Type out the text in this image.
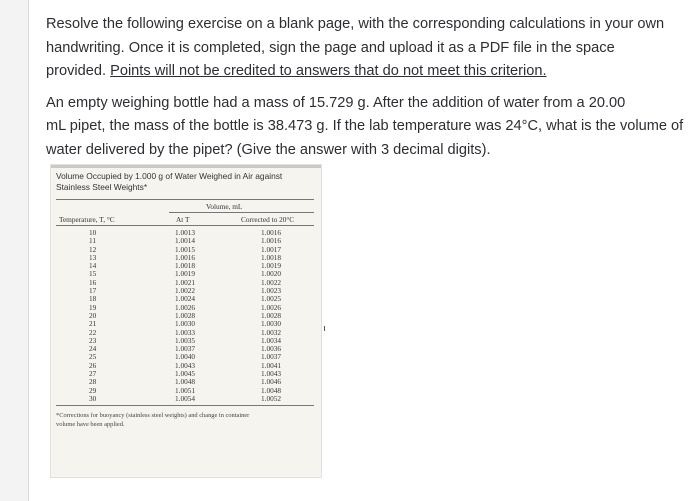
Resolve the following exercise on a blank page, with the corresponding calculations in your own

handwriting. Once it is completed, sign the page and upload it as a PDF file in the space

provided. Points will not be credited to answers that do not meet this criterion.

An empty weighing bottle had a mass of 15.729 g. After the addition of water from a 20.00

mL pipet, the mass of the bottle is 38.473 g. If the lab temperature was 24°C, what is the volume of

water delivered by the pipet? (Give the answer with 3 decimal digits).

Volume Occupied by 1.000 g of Water Weighed in Air against
Stainless Steel Weights*
Volume, mL
Temperature, T, °C	At T	Corrected to 20°C
10
11
12
13
14
15
16
17
18
19
20
21
22
23
24
25
26
27
28
29
30
1.0013
1.0014
1.0015
1.0016
1.0018
1.0019
1.0021
1.0022
1.0024
1.0026
1.0028
1.0030
1.0033
1.0035
1.0037
1.0040
1.0043
1.0045
1.0048
1.0051
1.0054
1.0016
1.0016
1.0017
1.0018
1.0019
1.0020
1.0022
1.0023
1.0025
1.0026
1.0028
1.0030
1.0032
1.0034
1.0036
1.0037
1.0041
1.0043
1.0046
1.0048
1.0052
*Corrections for buoyancy (stainless steel weights) and change in container
volume have been applied.
